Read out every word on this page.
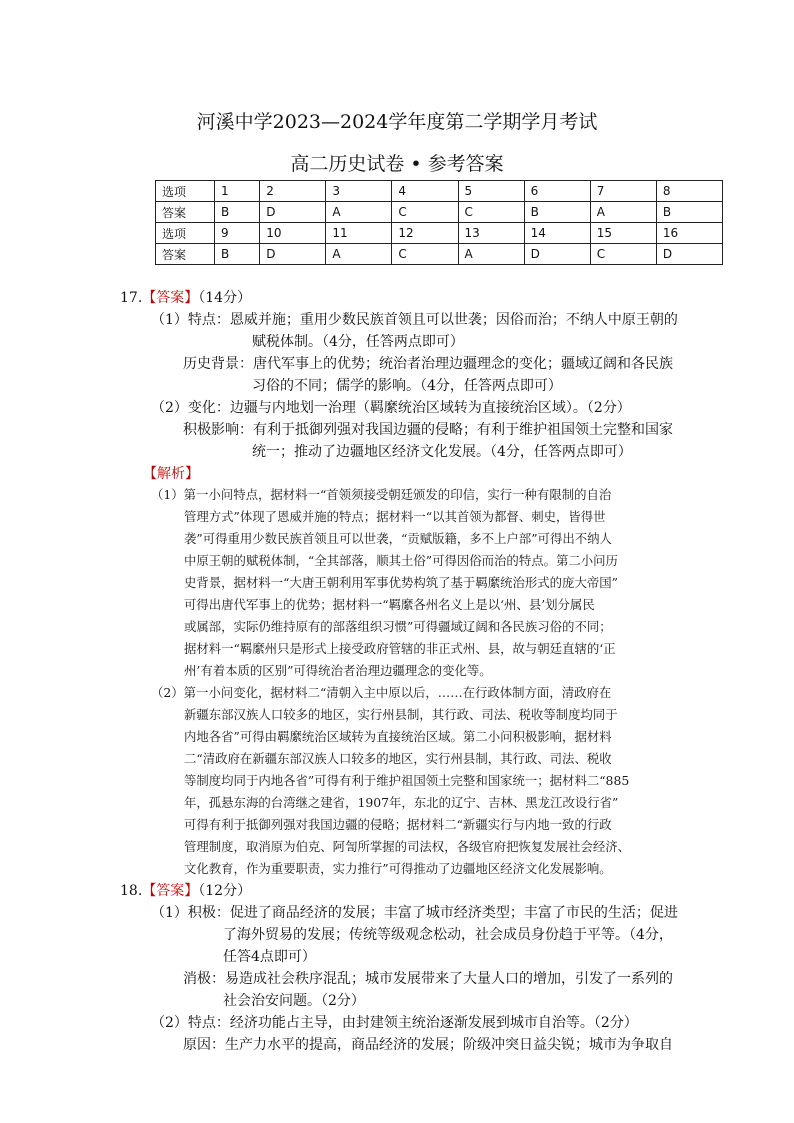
河溪中学2023—2024学年度第二学期学月考试
高二历史试卷 • 参考答案
选项	1	2	3	4	5	6	7	8
答案	B	D	A	C	C	B	A	B
选项	9	10	11	12	13	14	15	16
答案	B	D	A	C	A	D	C	D
17.【答案】（14分）
（1）特点：恩威并施；重用少数民族首领且可以世袭；因俗而治；不纳人中原王朝的
赋税体制。（4分，任答两点即可）
历史背景：唐代军事上的优势；统治者治理边疆理念的变化；疆域辽阔和各民族
习俗的不同；儒学的影响。（4分，任答两点即可）
（2）变化：边疆与内地划一治理（羁縻统治区域转为直接统治区域）。（2分）
积极影响：有利于抵御列强对我国边疆的侵略；有利于维护祖国领土完整和国家
统一；推动了边疆地区经济文化发展。（4分，任答两点即可）
【解析】
（1）第一小问特点，据材料一“首领须接受朝廷颁发的印信，实行一种有限制的自治
管理方式”体现了恩威并施的特点；据材料一“以其首领为都督、刺史，皆得世
袭”可得重用少数民族首领且可以世袭，“贡赋版籍，多不上户部”可得出不纳人
中原王朝的赋税体制，“全其部落，顺其土俗”可得因俗而治的特点。第二小问历
史背景，据材料一“大唐王朝利用军事优势构筑了基于羁縻统治形式的庞大帝国”
可得出唐代军事上的优势；据材料一“羁縻各州名义上是以‘州、县’划分属民
或属部，实际仍维持原有的部落组织习惯”可得疆域辽阔和各民族习俗的不同；
据材料一“羁縻州只是形式上接受政府管辖的非正式州、县，故与朝廷直辖的‘正
州’有着本质的区别”可得统治者治理边疆理念的变化等。
（2）第一小问变化，据材料二“清朝入主中原以后，……在行政体制方面，清政府在
新疆东部汉族人口较多的地区，实行州县制，其行政、司法、税收等制度均同于
内地各省”可得由羁縻统治区域转为直接统治区域。第二小问积极影响，据材料
二“清政府在新疆东部汉族人口较多的地区，实行州县制，其行政、司法、税收
等制度均同于内地各省”可得有利于维护祖国领土完整和国家统一；据材料二“885
年，孤悬东海的台湾继之建省，1907年，东北的辽宁、吉林、黑龙江改设行省”
可得有利于抵御列强对我国边疆的侵略；据材料二“新疆实行与内地一致的行政
管理制度，取消原为伯克、阿訇所掌握的司法权，各级官府把恢复发展社会经济、
文化教育，作为重要职责，实力推行”可得推动了边疆地区经济文化发展影响。
18.【答案】（12分）
（1）积极：促进了商品经济的发展；丰富了城市经济类型；丰富了市民的生活；促进
了海外贸易的发展；传统等级观念松动，社会成员身份趋于平等。（4分，
任答4点即可）
消极：易造成社会秩序混乱；城市发展带来了大量人口的增加，引发了一系列的
社会治安问题。（2分）
（2）特点：经济功能占主导，由封建领主统治逐渐发展到城市自治等。（2分）
原因：生产力水平的提高，商品经济的发展；阶级冲突日益尖锐；城市为争取自
